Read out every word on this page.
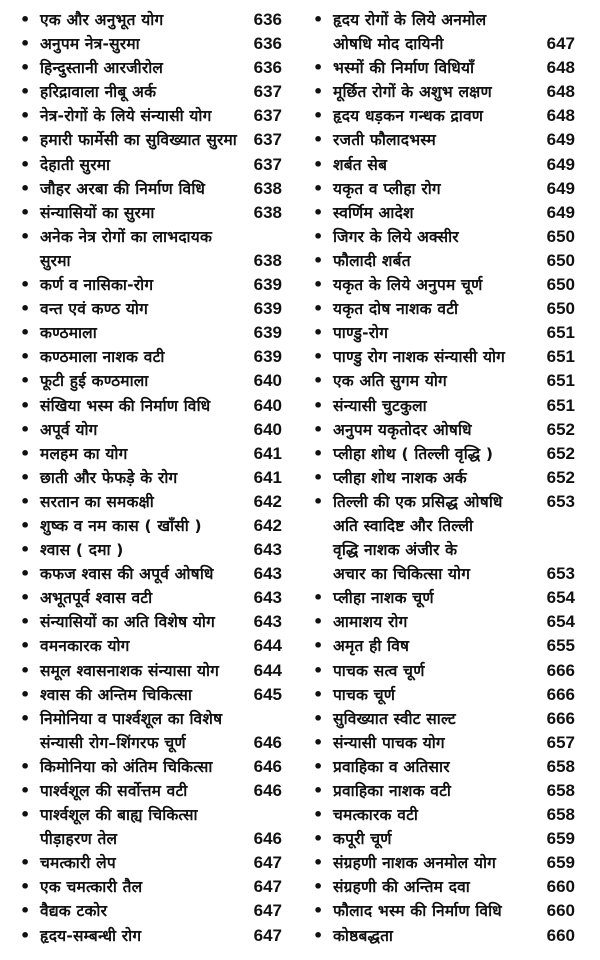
• एक और अनुभूत योग	636
• अनुपम नेत्र-सुरमा	636
• हिन्दुस्तानी आरजीरोल	636
• हरिद्रावाला नीबू अर्क	637
• नेत्र-रोगों के लिये संन्यासी योग 637
• हमारी फार्मेसी का सुविख्यात सुरमा 637
• देहाती सुरमा	637
• जौहर अरबा की निर्माण विधि	638
• संन्यासियों का सुरमा	638
• अनेक नेत्र रोगों का लाभदायक
सुरमा	638
• कर्ण व नासिका-रोग	639
• वन्त एवं कण्ठ योग	639
• कण्ठमाला	639
• कण्ठमाला नाशक वटी	639
• फूटी हुई कण्ठमाला	640
• संखिया भस्म की निर्माण विधि	640
• अपूर्व योग	640
• मलहम का योग	641
• छाती और फेफड़े के रोग	641
• सरतान का समकक्षी	642
• शुष्क व नम कास ( खाँसी )	642
• श्वास ( दमा )	643
• कफज श्वास की अपूर्व ओषधि 643
• अभूतपूर्व श्वास वटी	643
• संन्यासियों का अति विशेष योग 643
• वमनकारक योग	644
• समूल श्वासनाशक संन्यासा योग 644
• श्वास की अन्तिम चिकित्सा	645
• निमोनिया व पार्श्वशूल का विशेष
संन्यासी रोग–शिंगरफ चूर्ण	646
• किमोनिया को अंतिम चिकित्सा 646
• पार्श्वशूल की सर्वोत्तम वटी	646
• पार्श्वशूल की बाह्य चिकित्सा
पीड़ाहरण तेल	646
• चमत्कारी लेप	647
• एक चमत्कारी तैल	647
• वैद्यक टकोर	647
• हृदय-सम्बन्धी रोग	647
• हृदय रोगों के लिये अनमोल
ओषधि मोद दायिनी	647
• भस्मों की निर्माण विधियाँ	648
• मूर्छित रोगों के अशुभ लक्षण	648
• हृदय धड़कन गन्धक द्रावण	648
• रजती फौलादभस्म	649
• शर्बत सेब	649
• यकृत व प्लीहा रोग	649
• स्वर्णिम आदेश	649
• जिगर के लिये अक्सीर	650
• फौलादी शर्बत	650
• यकृत के लिये अनुपम चूर्ण	650
• यकृत दोष नाशक वटी	650
• पाण्डु-रोग	651
• पाण्डु रोग नाशक संन्यासी योग 651
• एक अति सुगम योग	651
• संन्यासी चुटकुला	651
• अनुपम यकृतोदर ओषधि	652
• प्लीहा शोथ ( तिल्ली वृद्धि )	652
• प्लीहा शोथ नाशक अर्क	652
• तिल्ली की एक प्रसिद्ध ओषधि	653
अति स्वादिष्ट और तिल्ली
वृद्धि नाशक अंजीर के
अचार का चिकित्सा योग	653
• प्लीहा नाशक चूर्ण	654
• आमाशय रोग	654
• अमृत ही विष	655
• पाचक सत्व चूर्ण	666
• पाचक चूर्ण	666
• सुविख्यात स्वीट साल्ट	666
• संन्यासी पाचक योग	657
• प्रवाहिका व अतिसार	658
• प्रवाहिका नाशक वटी	658
• चमत्कारक वटी	658
• कपूरी चूर्ण	659
• संग्रहणी नाशक अनमोल योग	659
• संग्रहणी की अन्तिम दवा	660
• फौलाद भस्म की निर्माण विधि	660
• कोष्ठबद्धता	660
